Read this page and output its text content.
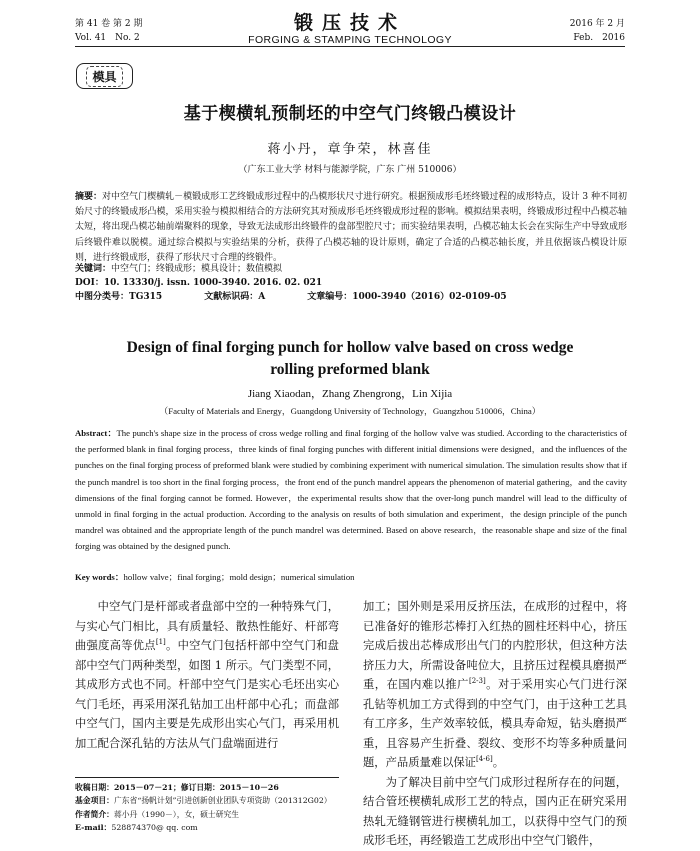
第 41 卷 第 2 期
Vol. 41　No. 2
锻压技术
FORGING & STAMPING TECHNOLOGY
2016 年 2 月
Feb.　2016
模具
基于楔横轧预制坯的中空气门终锻凸模设计
蒋小丹，章争荣，林喜佳
（广东工业大学 材料与能源学院，广东 广州 510006）
摘要：对中空气门楔横轧－模锻成形工艺终锻成形过程中的凸模形状尺寸进行研究。根据预成形毛坯终锻过程的成形特点，设计 3 种不同初始尺寸的终锻成形凸模，采用实验与模拟相结合的方法研究其对预成形毛坯终锻成形过程的影响。模拟结果表明，终锻成形过程中凸模芯轴太短，将出现凸模芯轴前端聚料的现象，导致无法成形出终锻件的盘部型腔尺寸；而实验结果表明，凸模芯轴太长会在实际生产中导致成形后终锻件难以脱模。通过综合模拟与实验结果的分析，获得了凸模芯轴的设计原则，确定了合适的凸模芯轴长度，并且依据该凸模设计原则，进行终锻成形，获得了形状尺寸合理的终锻件。
关键词：中空气门；终锻成形；模具设计；数值模拟
DOI：10. 13330/j. issn. 1000-3940. 2016. 02. 021
中图分类号：TG315	文献标识码：A	文章编号：1000-3940（2016）02-0109-05
Design of final forging punch for hollow valve based on cross wedge
rolling preformed blank
Jiang Xiaodan，Zhang Zhengrong，Lin Xijia
（Faculty of Materials and Energy，Guangdong University of Technology，Guangzhou 510006，China）
Abstract：The punch's shape size in the process of cross wedge rolling and final forging of the hollow valve was studied. According to the characteristics of the performed blank in final forging process，three kinds of final forging punches with different initial dimensions were designed，and the influences of the punches on the final forging process of preformed blank were studied by combining experiment with numerical simulation. The simulation results show that if the punch mandrel is too short in the final forging process，the front end of the punch mandrel appears the phenomenon of material gathering，and the cavity dimensions of the final forging cannot be formed. However，the experimental results show that the over-long punch mandrel will lead to the difficulty of unmold in final forging in the actual production. According to the analysis on results of both simulation and experiment，the design principle of the punch mandrel was obtained and the appropriate length of the punch mandrel was determined. Based on above research，the reasonable shape and size of the final forging was obtained by the designed punch.
Key words：hollow valve；final forging；mold design；numerical simulation

中空气门是杆部或者盘部中空的一种特殊气门，与实心气门相比，具有质量轻、散热性能好、杆部弯曲强度高等优点[1]。中空气门包括杆部中空气门和盘部中空气门两种类型，如图 1 所示。气门类型不同，其成形方式也不同。杆部中空气门是实心毛坯出实心气门毛坯，再采用深孔钻加工出杆部中心孔；而盘部中空气门，国内主要是先成形出实心气门，再采用机加工配合深孔钻的方法从气门盘端面进行

收稿日期：2015－07－21；修订日期：2015－10－26
基金项目：广东省“扬帆计划”引进创新创业团队专项资助（201312G02）
作者简介：蒋小丹（1990－），女，硕士研究生
E-mail：528874370@ qq. com

加工；国外则是采用反挤压法，在成形的过程中，将已准备好的锥形芯棒打入红热的圆柱坯料中心，挤压完成后拔出芯棒成形出气门的内腔形状，但这种方法挤压力大，所需设备吨位大，且挤压过程模具磨损严重，在国内难以推广[2-3]。对于采用实心气门进行深孔钻等机加工方式得到的中空气门，由于这种工艺具有工序多，生产效率较低，模具寿命短，钻头磨损严重，且容易产生折叠、裂纹、变形不均等多种质量问题，产品质量难以保证[4-6]。

为了解决目前中空气门成形过程所存在的问题，结合管坯楔横轧成形工艺的特点，国内正在研究采用热轧无缝钢管进行楔横轧加工，以获得中空气门的预成形毛坯，再经锻造工艺成形出中空气门锻件，
